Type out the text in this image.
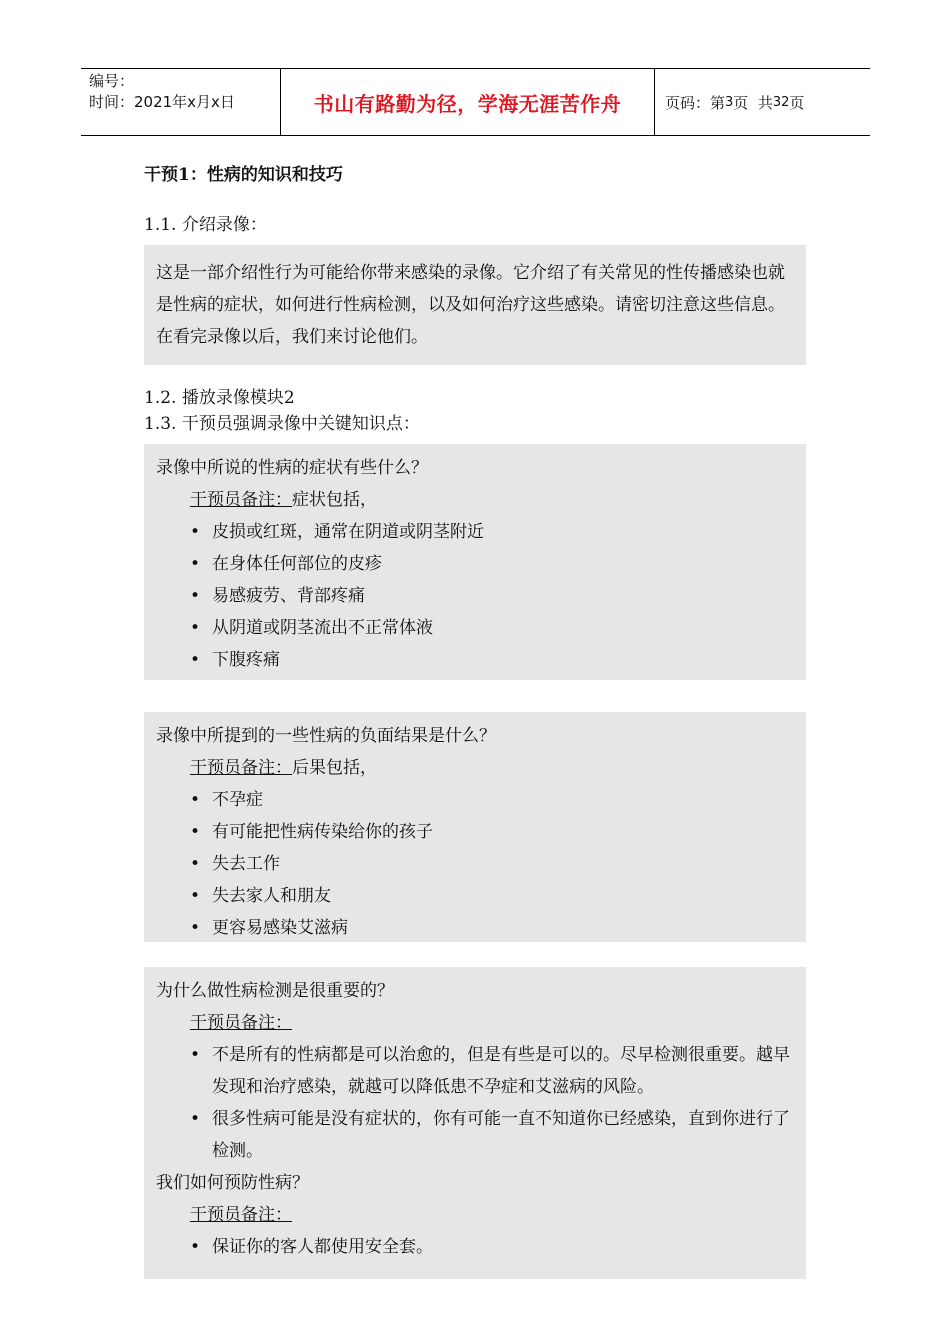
编号：
时间：2021年x月x日	书山有路勤为径，学海无涯苦作舟	页码：第 3 页  共 32 页
干预1：性病的知识和技巧
1.1. 介绍录像：
这是一部介绍性行为可能给你带来感染的录像。它介绍了有关常见的性传播感染也就是性病的症状，如何进行性病检测，以及如何治疗这些感染。请密切注意这些信息。在看完录像以后，我们来讨论他们。
1.2. 播放录像模块2
1.3. 干预员强调录像中关键知识点：
录像中所说的性病的症状有些什么？
干预员备注：症状包括，
• 皮损或红斑，通常在阴道或阴茎附近
• 在身体任何部位的皮疹
• 易感疲劳、背部疼痛
• 从阴道或阴茎流出不正常体液
• 下腹疼痛
录像中所提到的一些性病的负面结果是什么？
干预员备注：后果包括，
• 不孕症
• 有可能把性病传染给你的孩子
• 失去工作
• 失去家人和朋友
• 更容易感染艾滋病
为什么做性病检测是很重要的？
干预员备注：
• 不是所有的性病都是可以治愈的，但是有些是可以的。尽早检测很重要。越早发现和治疗感染，就越可以降低患不孕症和艾滋病的风险。
• 很多性病可能是没有症状的，你有可能一直不知道你已经感染，直到你进行了检测。
我们如何预防性病？
干预员备注：
• 保证你的客人都使用安全套。
